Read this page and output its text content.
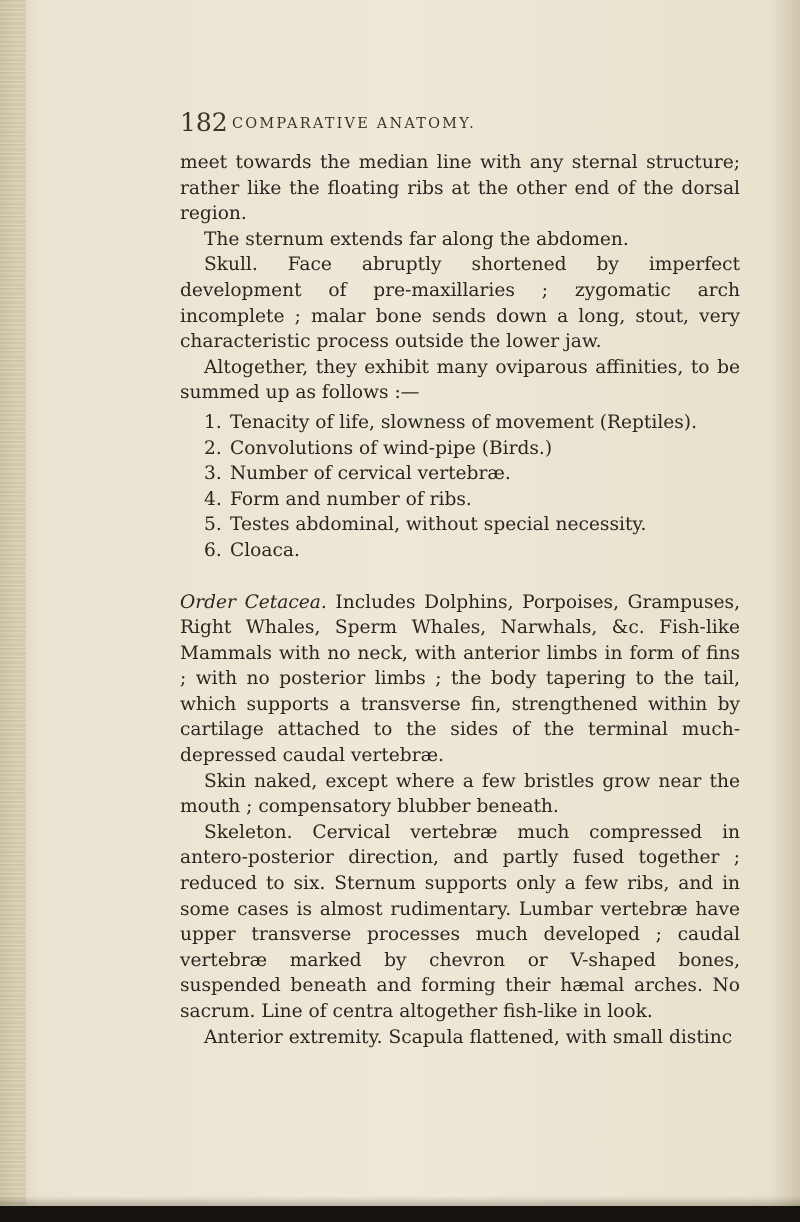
182 COMPARATIVE ANATOMY.

meet towards the median line with any sternal structure; rather like the floating ribs at the other end of the dorsal region.

The sternum extends far along the abdomen.

Skull. Face abruptly shortened by imperfect development of pre-maxillaries ; zygomatic arch incomplete ; malar bone sends down a long, stout, very characteristic process outside the lower jaw.

Altogether, they exhibit many oviparous affinities, to be summed up as follows :—

1. Tenacity of life, slowness of movement (Reptiles).
2. Convolutions of wind-pipe (Birds.)
3. Number of cervical vertebræ.
4. Form and number of ribs.
5. Testes abdominal, without special necessity.
6. Cloaca.

Order Cetacea. Includes Dolphins, Porpoises, Grampuses, Right Whales, Sperm Whales, Narwhals, &c. Fish-like Mammals with no neck, with anterior limbs in form of fins ; with no posterior limbs ; the body tapering to the tail, which supports a transverse fin, strengthened within by cartilage attached to the sides of the terminal much-depressed caudal vertebræ.

Skin naked, except where a few bristles grow near the mouth ; compensatory blubber beneath.

Skeleton. Cervical vertebræ much compressed in antero-posterior direction, and partly fused together ; reduced to six. Sternum supports only a few ribs, and in some cases is almost rudimentary. Lumbar vertebræ have upper transverse processes much developed ; caudal vertebræ marked by chevron or V-shaped bones, suspended beneath and forming their hæmal arches. No sacrum. Line of centra altogether fish-like in look.

Anterior extremity. Scapula flattened, with small distinc
